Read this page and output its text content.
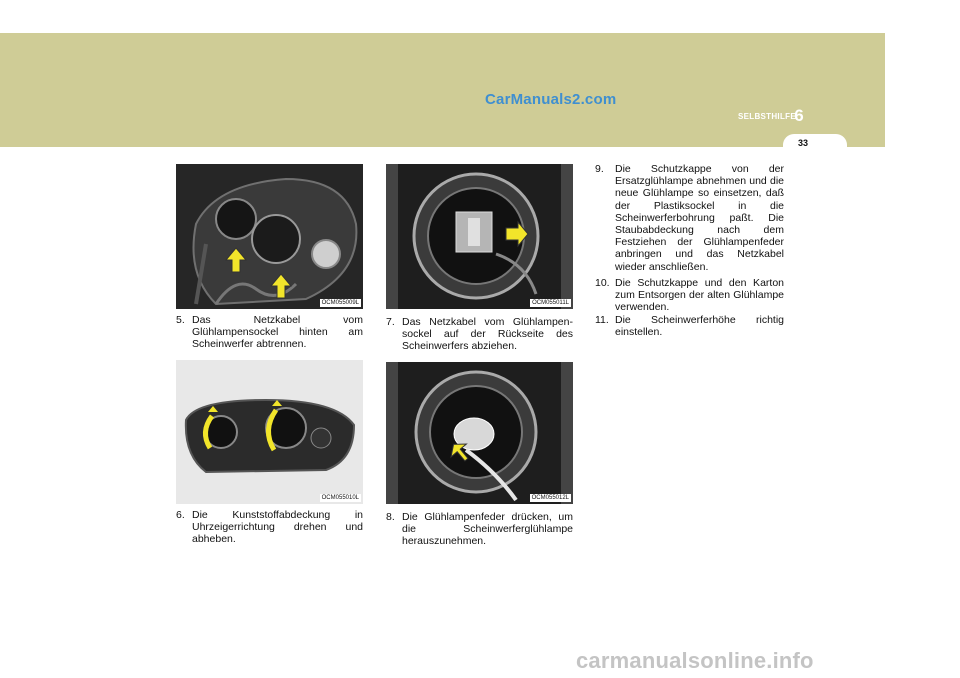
CarManuals2.com
SELBSTHILFE
6
33
OCM055009L
OCM055010L
OCM055011L
OCM055012L
5. Das Netzkabel vom Glühlampensockel hinten am Scheinwerfer abtrennen.
6. Die Kunststoffabdeckung in Uhrzeigerrichtung drehen und abheben.
7. Das Netzkabel vom Glühlampen-sockel auf der Rückseite des Scheinwerfers abziehen.
8. Die Glühlampenfeder drücken, um die Scheinwerferglühlampe herauszunehmen.
9. Die Schutzkappe von der Ersatzglühlampe abnehmen und die neue Glühlampe so einsetzen, daß der Plastiksockel in die Scheinwerferbohrung paßt. Die Staubabdeckung nach dem Festziehen der Glühlampenfeder anbringen und das Netzkabel wieder anschließen.
10. Die Schutzkappe und den Karton zum Entsorgen der alten Glühlampe verwenden.
11. Die Scheinwerferhöhe richtig einstellen.
carmanualsonline.info
